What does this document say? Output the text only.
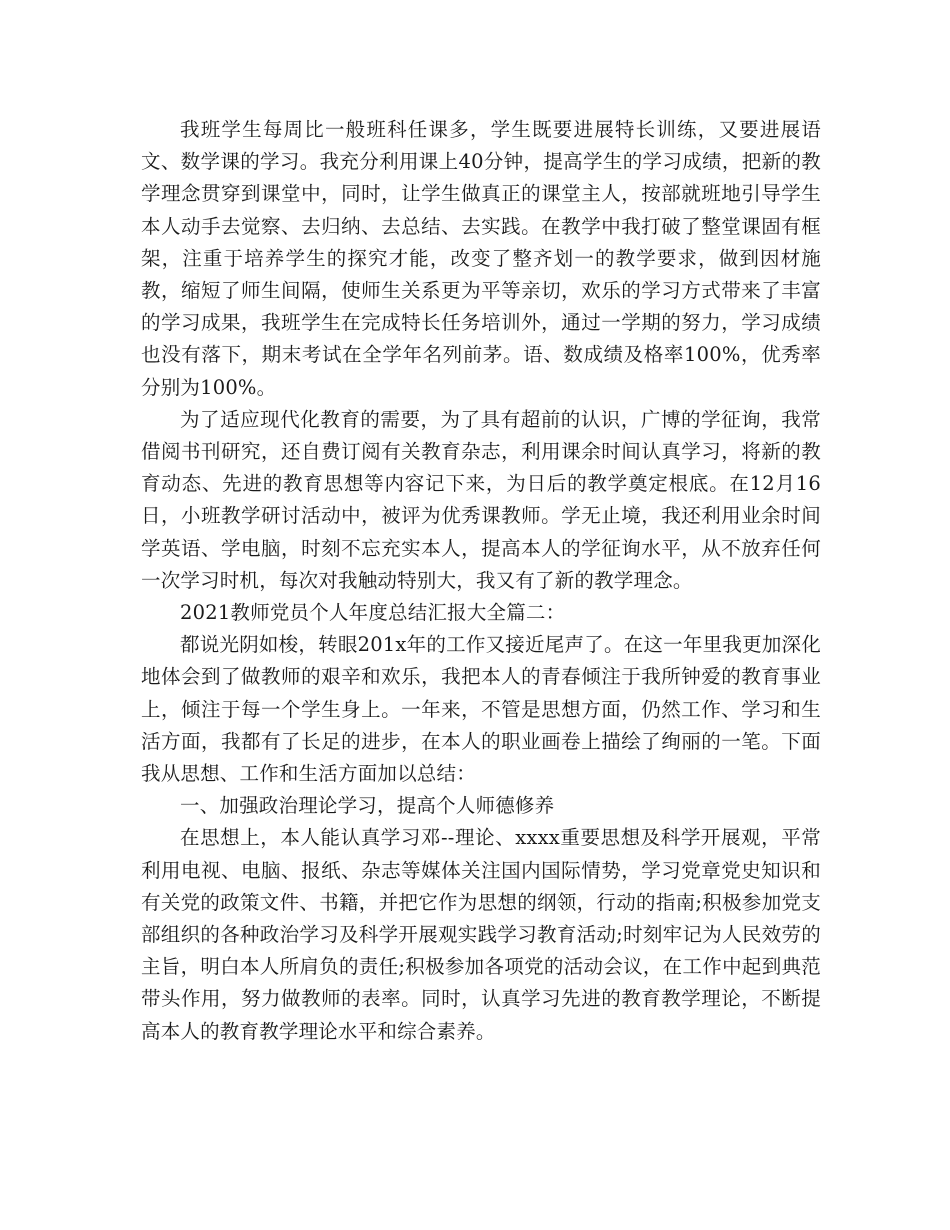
我班学生每周比一般班科任课多，学生既要进展特长训练，又要进展语文、数学课的学习。我充分利用课上40分钟，提高学生的学习成绩，把新的教学理念贯穿到课堂中，同时，让学生做真正的课堂主人，按部就班地引导学生本人动手去觉察、去归纳、去总结、去实践。在教学中我打破了整堂课固有框架，注重于培养学生的探究才能，改变了整齐划一的教学要求，做到因材施教，缩短了师生间隔，使师生关系更为平等亲切，欢乐的学习方式带来了丰富的学习成果，我班学生在完成特长任务培训外，通过一学期的努力，学习成绩也没有落下，期末考试在全学年名列前茅。语、数成绩及格率100%，优秀率分别为100%。

为了适应现代化教育的需要，为了具有超前的认识，广博的学征询，我常借阅书刊研究，还自费订阅有关教育杂志，利用课余时间认真学习，将新的教育动态、先进的教育思想等内容记下来，为日后的教学奠定根底。在12月16日，小班教学研讨活动中，被评为优秀课教师。学无止境，我还利用业余时间学英语、学电脑，时刻不忘充实本人，提高本人的学征询水平，从不放弃任何一次学习时机，每次对我触动特别大，我又有了新的教学理念。

2021教师党员个人年度总结汇报大全篇二：

都说光阴如梭，转眼201x年的工作又接近尾声了。在这一年里我更加深化地体会到了做教师的艰辛和欢乐，我把本人的青春倾注于我所钟爱的教育事业上，倾注于每一个学生身上。一年来，不管是思想方面，仍然工作、学习和生活方面，我都有了长足的进步，在本人的职业画卷上描绘了绚丽的一笔。下面我从思想、工作和生活方面加以总结：

一、加强政治理论学习，提高个人师德修养

在思想上，本人能认真学习邓--理论、xxxx重要思想及科学开展观，平常利用电视、电脑、报纸、杂志等媒体关注国内国际情势，学习党章党史知识和有关党的政策文件、书籍，并把它作为思想的纲领，行动的指南;积极参加党支部组织的各种政治学习及科学开展观实践学习教育活动;时刻牢记为人民效劳的主旨，明白本人所肩负的责任;积极参加各项党的活动会议，在工作中起到典范带头作用，努力做教师的表率。同时，认真学习先进的教育教学理论，不断提高本人的教育教学理论水平和综合素养。
